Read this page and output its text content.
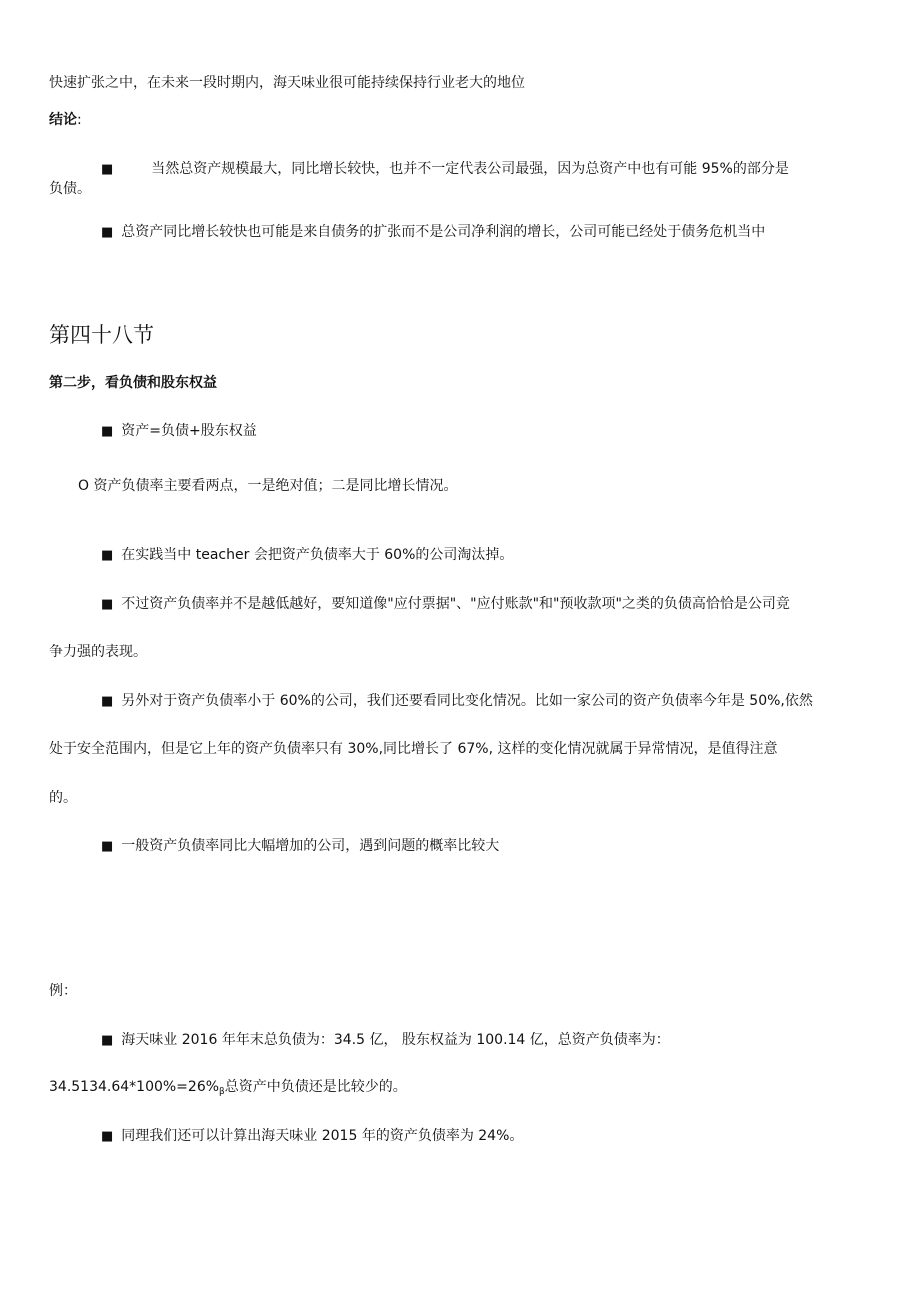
快速扩张之中，在未来一段时期内，海天味业很可能持续保持行业老大的地位

结论:

■	当然总资产规模最大，同比增长较快，也并不一定代表公司最强，因为总资产中也有可能 95%的部分是

负债。

■ 总资产同比增长较快也可能是来自债务的扩张而不是公司净利润的增长，公司可能已经处于债务危机当中

第四十八节

第二步，看负债和股东权益

■ 资产=负债+股东权益

O 资产负债率主要看两点，一是绝对值；二是同比增长情况。

■ 在实践当中 teacher 会把资产负债率大于 60%的公司淘汰掉。

■ 不过资产负债率并不是越低越好，要知道像"应付票据"、"应付账款"和"预收款项"之类的负债高恰恰是公司竞

争力强的表现。

■ 另外对于资产负债率小于 60%的公司，我们还要看同比变化情况。比如一家公司的资产负债率今年是 50%,依然

处于安全范围内，但是它上年的资产负债率只有 30%,同比增长了 67%, 这样的变化情况就属于异常情况，是值得注意

的。

■ 一般资产负债率同比大幅增加的公司，遇到问题的概率比较大

例：

■ 海天味业 2016 年年末总负债为：34.5 亿， 股东权益为 100.14 亿，总资产负债率为：

$34.5134.64*100\%=26\%_\beta$总资产中负债还是比较少的。

■ 同理我们还可以计算出海天味业 2015 年的资产负债率为 24%。
